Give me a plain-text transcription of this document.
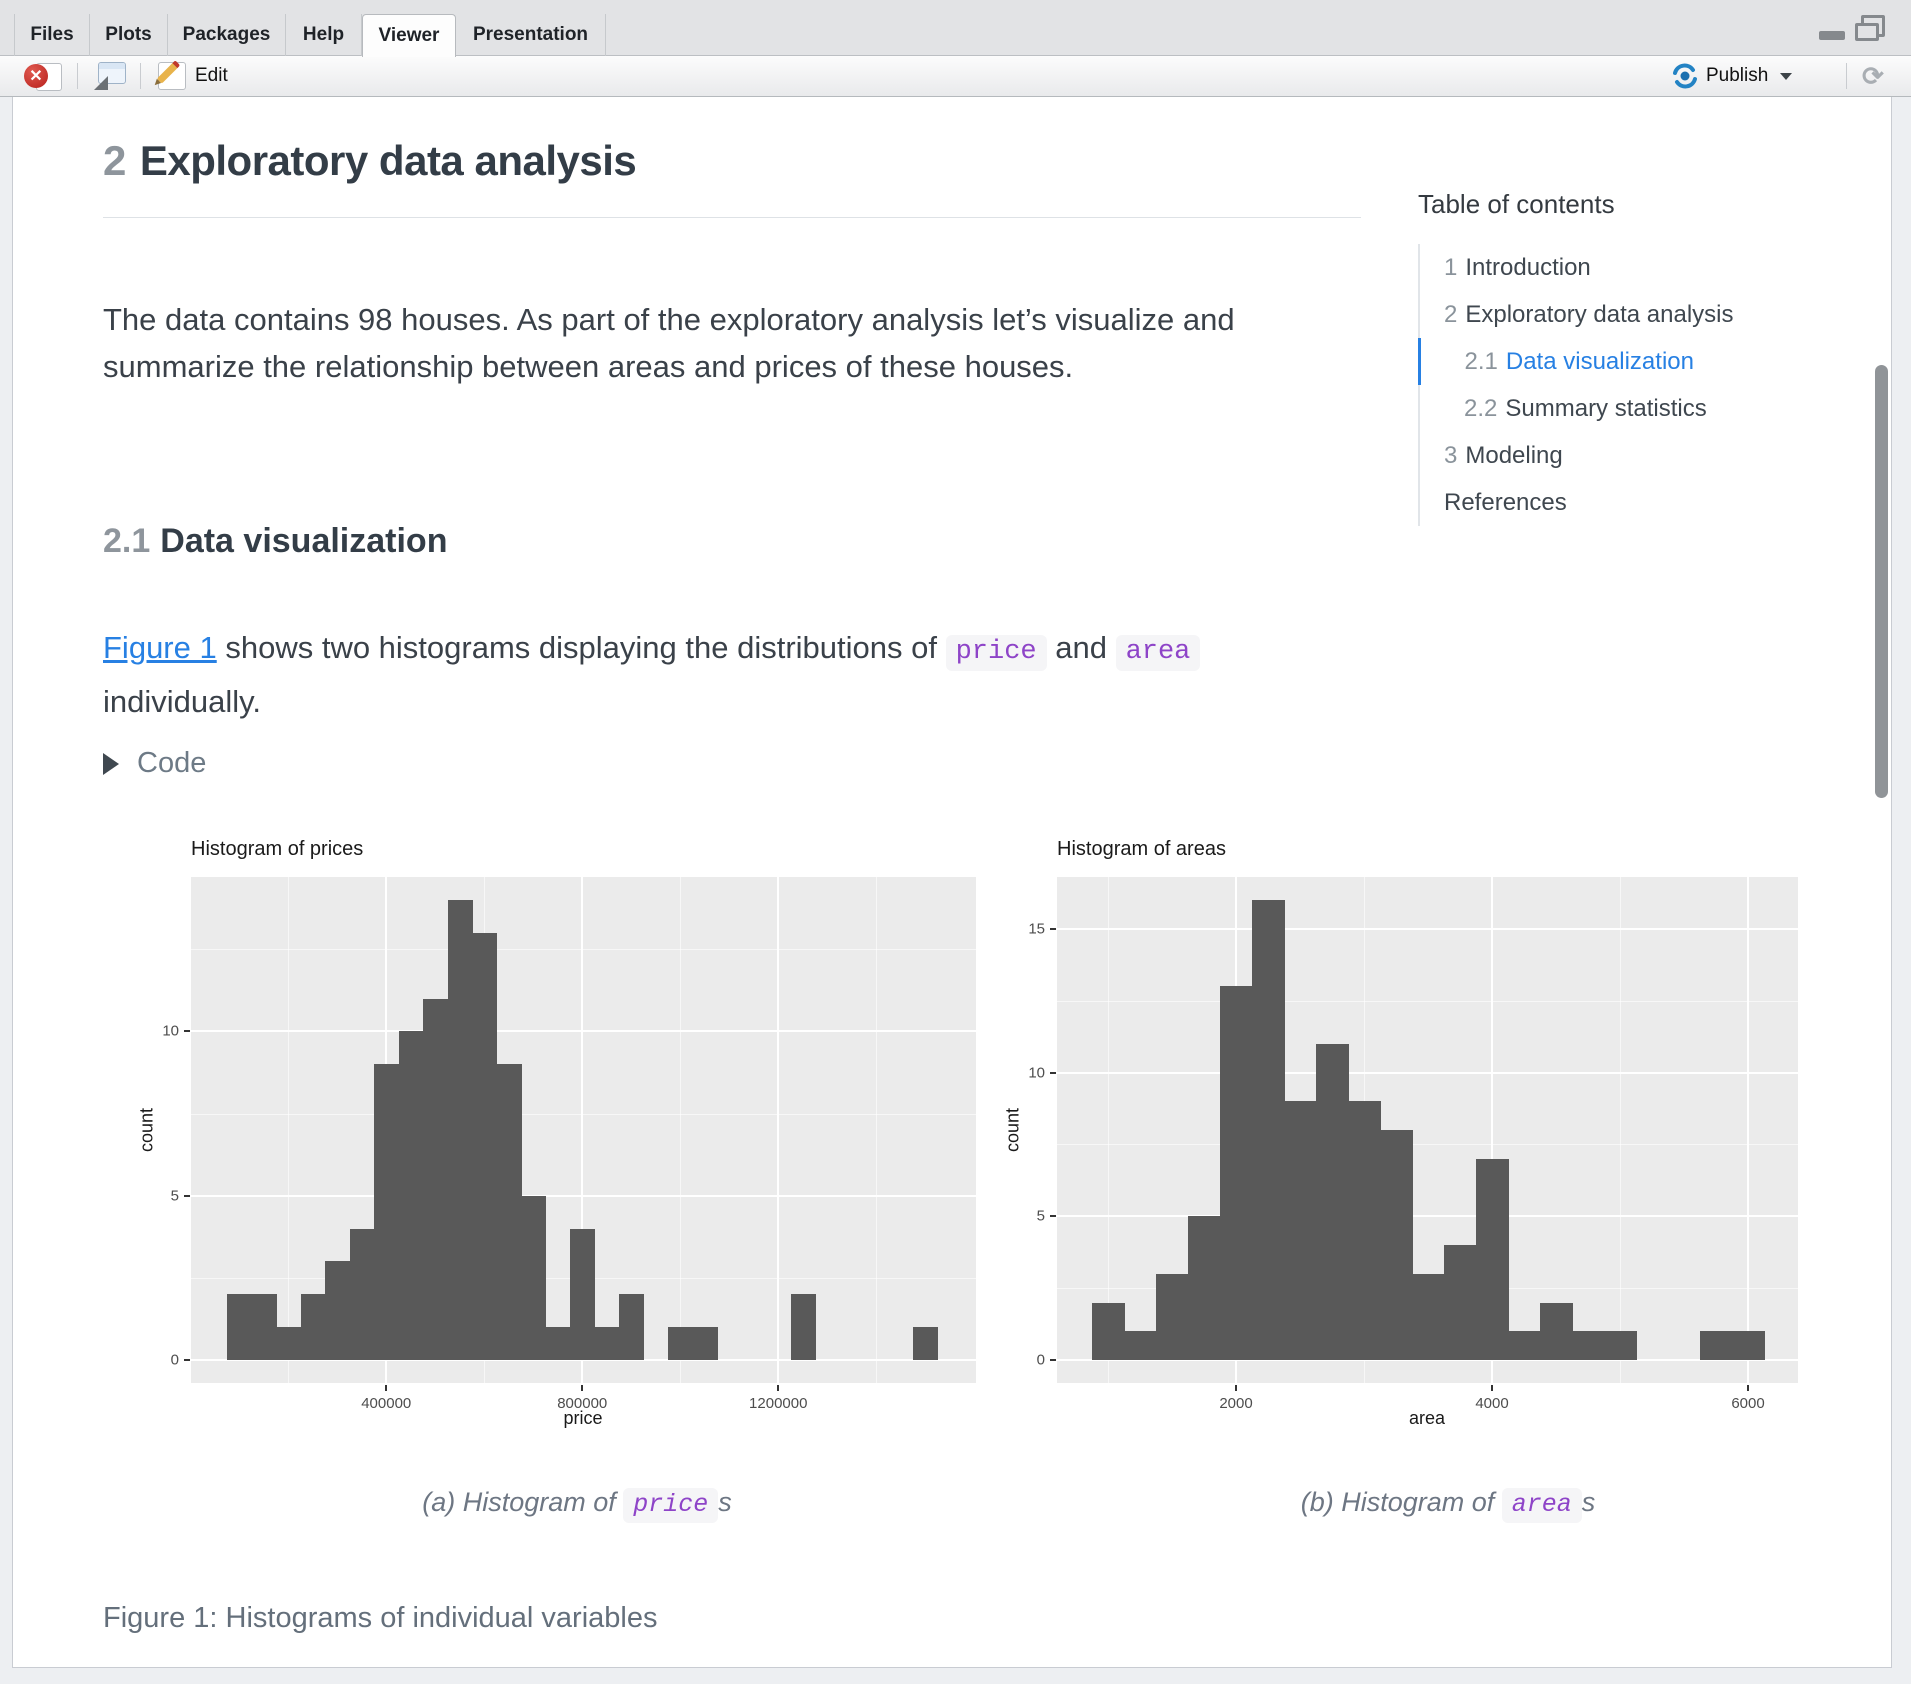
Files	Plots	Packages	Help	Viewer	Presentation
✕	Edit	Publish	⟳
2 Exploratory data analysis

The data contains 98 houses. As part of the exploratory analysis let’s visualize and summarize the relationship between areas and prices of these houses.

2.1 Data visualization

Figure 1 shows two histograms displaying the distributions of price and area individually.

Code
Histogram of prices
price
count
0
5
10
400000	800000	1200000
Histogram of areas
area
count
0
5
10
15
2000	4000	6000
(a) Histogram of price s	(b) Histogram of area s
Figure 1: Histograms of individual variables
Table of contents
1 Introduction
2 Exploratory data analysis
2.1 Data visualization
2.2 Summary statistics
3 Modeling
References
